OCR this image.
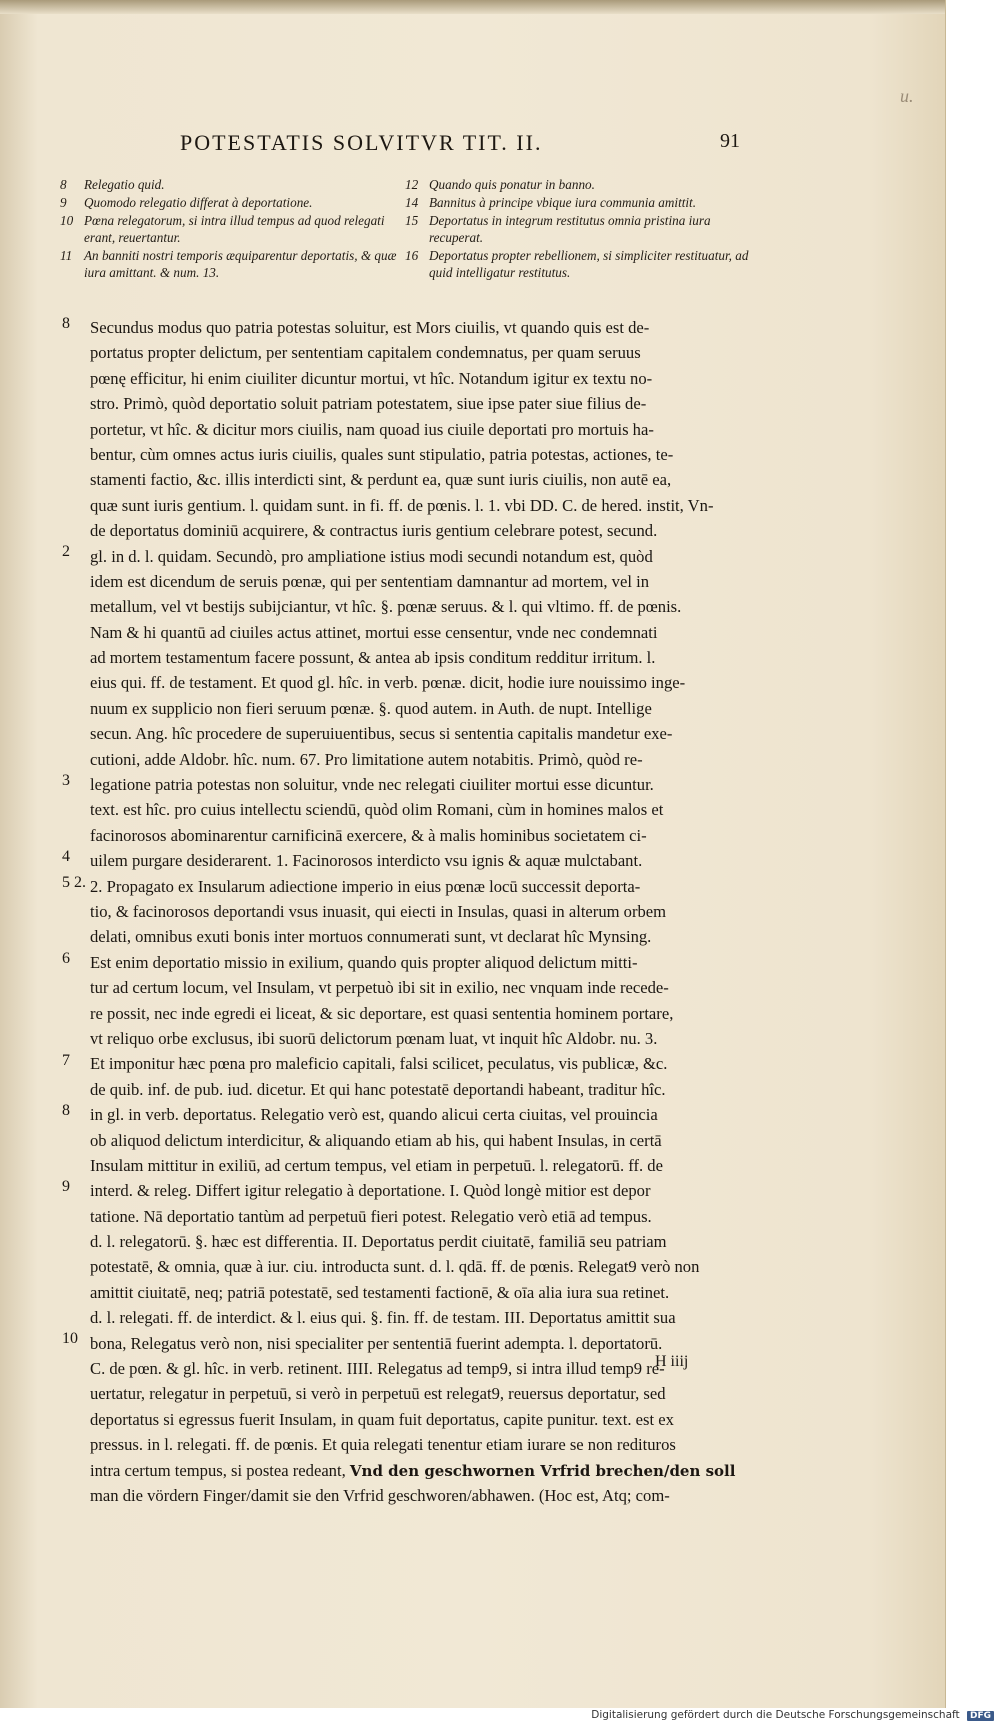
u.
POTESTATIS SOLVITVR TIT. II.	91
8	Relegatio quid.
9	Quomodo relegatio differat à deportatione.
10 Pœna relegatorum, si intra illud tempus ad quod relegati erant, reuertantur.
11 An banniti nostri temporis æquiparentur deportatis, & quæ iura amittant. & num. 13.
12 Quando quis ponatur in banno.
14 Bannitus à principe vbique iura communia amittit.
15 Deportatus in integrum restitutus omnia pristina iura recuperat.
16 Deportatus propter rebellionem, si simpliciter restituatur, ad quid intelligatur restitutus.
8
2
3
4
5 2.
6
7
8
9
10
Secundus modus quo patria potestas soluitur, est Mors ciuilis, vt quando quis est de-
portatus propter delictum, per sententiam capitalem condemnatus, per quam seruus
pœnę efficitur, hi enim ciuiliter dicuntur mortui, vt hîc. Notandum igitur ex textu no-
stro. Primò, quòd deportatio soluit patriam potestatem, siue ipse pater siue filius de-
portetur, vt hîc. & dicitur mors ciuilis, nam quoad ius ciuile deportati pro mortuis ha-
bentur, cùm omnes actus iuris ciuilis, quales sunt stipulatio, patria potestas, actiones, te-
stamenti factio, &c. illis interdicti sint, & perdunt ea, quæ sunt iuris ciuilis, non autē ea,
quæ sunt iuris gentium. l. quidam sunt. in fi. ff. de pœnis. l. 1. vbi DD. C. de hered. instit, Vn-
de deportatus dominiū acquirere, & contractus iuris gentium celebrare potest, secund.
gl. in d. l. quidam. Secundò, pro ampliatione istius modi secundi notandum est, quòd
idem est dicendum de seruis pœnæ, qui per sententiam damnantur ad mortem, vel in
metallum, vel vt bestijs subijciantur, vt hîc. §. pœnæ seruus. & l. qui vltimo. ff. de pœnis.
Nam & hi quantū ad ciuiles actus attinet, mortui esse censentur, vnde nec condemnati
ad mortem testamentum facere possunt, & antea ab ipsis conditum redditur irritum. l.
eius qui. ff. de testament. Et quod gl. hîc. in verb. pœnæ. dicit, hodie iure nouissimo inge-
nuum ex supplicio non fieri seruum pœnæ. §. quod autem. in Auth. de nupt. Intellige
secun. Ang. hîc procedere de superuiuentibus, secus si sententia capitalis mandetur exe-
cutioni, adde Aldobr. hîc. num. 67. Pro limitatione autem notabitis. Primò, quòd re-
legatione patria potestas non soluitur, vnde nec relegati ciuiliter mortui esse dicuntur.
text. est hîc. pro cuius intellectu sciendū, quòd olim Romani, cùm in homines malos et
facinorosos abominarentur carnificinā exercere, & à malis hominibus societatem ci-
uilem purgare desiderarent. 1. Facinorosos interdicto vsu ignis & aquæ mulctabant.
2. Propagato ex Insularum adiectione imperio in eius pœnæ locū successit deporta-
tio, & facinorosos deportandi vsus inuasit, qui eiecti in Insulas, quasi in alterum orbem
delati, omnibus exuti bonis inter mortuos connumerati sunt, vt declarat hîc Mynsing.
Est enim deportatio missio in exilium, quando quis propter aliquod delictum mitti-
tur ad certum locum, vel Insulam, vt perpetuò ibi sit in exilio, nec vnquam inde recede-
re possit, nec inde egredi ei liceat, & sic deportare, est quasi sententia hominem portare,
vt reliquo orbe exclusus, ibi suorū delictorum pœnam luat, vt inquit hîc Aldobr. nu. 3.
Et imponitur hæc pœna pro maleficio capitali, falsi scilicet, peculatus, vis publicæ, &c.
de quib. inf. de pub. iud. dicetur. Et qui hanc potestatē deportandi habeant, traditur hîc.
in gl. in verb. deportatus. Relegatio verò est, quando alicui certa ciuitas, vel prouincia
ob aliquod delictum interdicitur, & aliquando etiam ab his, qui habent Insulas, in certā
Insulam mittitur in exiliū, ad certum tempus, vel etiam in perpetuū. l. relegatorū. ff. de
interd. & releg. Differt igitur relegatio à deportatione. I. Quòd longè mitior est depor
tatione. Nā deportatio tantùm ad perpetuū fieri potest. Relegatio verò etiā ad tempus.
d. l. relegatorū. §. hæc est differentia. II. Deportatus perdit ciuitatē, familiā seu patriam
potestatē, & omnia, quæ à iur. ciu. introducta sunt. d. l. qdā. ff. de pœnis. Relegat9 verò non
amittit ciuitatē, neq; patriā potestatē, sed testamenti factionē, & oīa alia iura sua retinet.
d. l. relegati. ff. de interdict. & l. eius qui. §. fin. ff. de testam. III. Deportatus amittit sua
bona, Relegatus verò non, nisi specialiter per sententiā fuerint adempta. l. deportatorū.
C. de pœn. & gl. hîc. in verb. retinent. IIII. Relegatus ad temp9, si intra illud temp9 re-
uertatur, relegatur in perpetuū, si verò in perpetuū est relegat9, reuersus deportatur, sed
deportatus si egressus fuerit Insulam, in quam fuit deportatus, capite punitur. text. est ex
pressus. in l. relegati. ff. de pœnis. Et quia relegati tenentur etiam iurare se non redituros
intra certum tempus, si postea redeant, Vnd den geschwornen Vrfrid brechen/den soll
man die vördern Finger/damit sie den Vrfrid geschworen/abhawen. (Hoc est, Atq; com-
H iiij
Digitalisierung gefördert durch die Deutsche Forschungsgemeinschaft DFG
